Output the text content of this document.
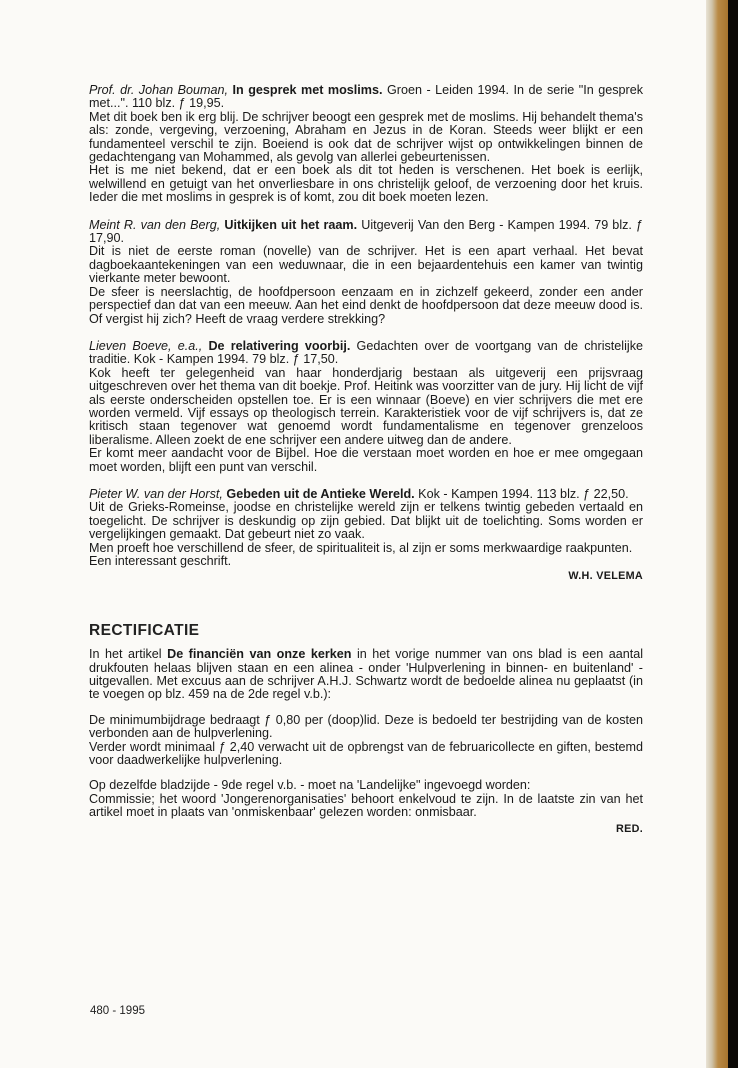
Prof. dr. Johan Bouman, In gesprek met moslims. Groen - Leiden 1994. In de serie "In gesprek met...". 110 blz. ƒ 19,95.

Met dit boek ben ik erg blij. De schrijver beoogt een gesprek met de moslims. Hij behandelt thema's als: zonde, vergeving, verzoening, Abraham en Jezus in de Koran. Steeds weer blijkt er een fundamenteel verschil te zijn. Boeiend is ook dat de schrijver wijst op ontwikkelingen binnen de gedachtengang van Mohammed, als gevolg van allerlei gebeurtenissen.

Het is me niet bekend, dat er een boek als dit tot heden is verschenen. Het boek is eerlijk, welwillend en getuigt van het onverliesbare in ons christelijk geloof, de verzoening door het kruis. Ieder die met moslims in gesprek is of komt, zou dit boek moeten lezen.

Meint R. van den Berg, Uitkijken uit het raam. Uitgeverij Van den Berg - Kampen 1994. 79 blz. ƒ 17,90.

Dit is niet de eerste roman (novelle) van de schrijver. Het is een apart verhaal. Het bevat dagboekaantekeningen van een weduwnaar, die in een bejaardentehuis een kamer van twintig vierkante meter bewoont.

De sfeer is neerslachtig, de hoofdpersoon eenzaam en in zichzelf gekeerd, zonder een ander perspectief dan dat van een meeuw. Aan het eind denkt de hoofdpersoon dat deze meeuw dood is. Of vergist hij zich? Heeft de vraag verdere strekking?

Lieven Boeve, e.a., De relativering voorbij. Gedachten over de voortgang van de christelijke traditie. Kok - Kampen 1994. 79 blz. ƒ 17,50.

Kok heeft ter gelegenheid van haar honderdjarig bestaan als uitgeverij een prijsvraag uitgeschreven over het thema van dit boekje. Prof. Heitink was voorzitter van de jury. Hij licht de vijf als eerste onderscheiden opstellen toe. Er is een winnaar (Boeve) en vier schrijvers die met ere worden vermeld. Vijf essays op theologisch terrein. Karakteristiek voor de vijf schrijvers is, dat ze kritisch staan tegenover wat genoemd wordt fundamentalisme en tegenover grenzeloos liberalisme. Alleen zoekt de ene schrijver een andere uitweg dan de andere.

Er komt meer aandacht voor de Bijbel. Hoe die verstaan moet worden en hoe er mee omgegaan moet worden, blijft een punt van verschil.

Pieter W. van der Horst, Gebeden uit de Antieke Wereld. Kok - Kampen 1994. 113 blz. ƒ 22,50.

Uit de Grieks-Romeinse, joodse en christelijke wereld zijn er telkens twintig gebeden vertaald en toegelicht. De schrijver is deskundig op zijn gebied. Dat blijkt uit de toelichting. Soms worden er vergelijkingen gemaakt. Dat gebeurt niet zo vaak.

Men proeft hoe verschillend de sfeer, de spiritualiteit is, al zijn er soms merkwaardige raakpunten.

Een interessant geschrift.

W.H. VELEMA
RECTIFICATIE

In het artikel De financiën van onze kerken in het vorige nummer van ons blad is een aantal drukfouten helaas blijven staan en een alinea - onder 'Hulpverlening in binnen- en buitenland' - uitgevallen. Met excuus aan de schrijver A.H.J. Schwartz wordt de bedoelde alinea nu geplaatst (in te voegen op blz. 459 na de 2de regel v.b.):

De minimumbijdrage bedraagt ƒ 0,80 per (doop)lid. Deze is bedoeld ter bestrijding van de kosten verbonden aan de hulpverlening.

Verder wordt minimaal ƒ 2,40 verwacht uit de opbrengst van de februaricollecte en giften, bestemd voor daadwerkelijke hulpverlening.

Op dezelfde bladzijde - 9de regel v.b. - moet na 'Landelijke" ingevoegd worden:

Commissie; het woord 'Jongerenorganisaties' behoort enkelvoud te zijn. In de laatste zin van het artikel moet in plaats van 'onmiskenbaar' gelezen worden: onmisbaar.

RED.
480 - 1995
